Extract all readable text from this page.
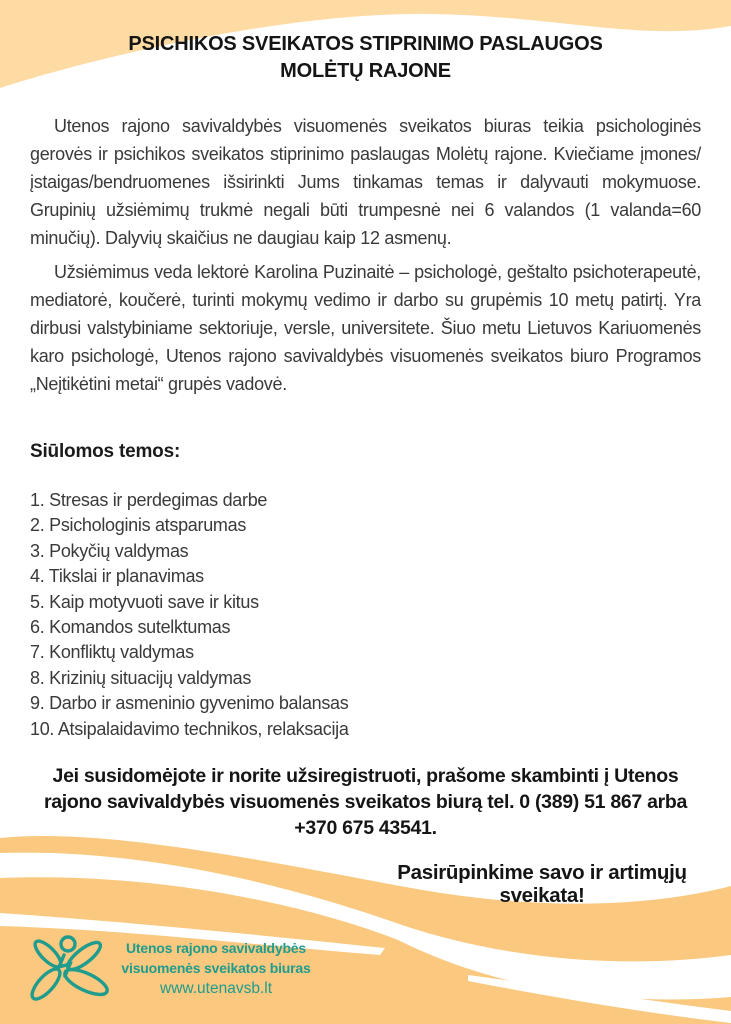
PSICHIKOS SVEIKATOS STIPRINIMO PASLAUGOS
MOLĖTŲ RAJONE
Utenos rajono savivaldybės visuomenės sveikatos biuras teikia psichologinės gerovės ir psichikos sveikatos stiprinimo paslaugas Molėtų rajone. Kviečiame įmones/įstaigas/bendruomenes išsirinkti Jums tinkamas temas ir dalyvauti mokymuose. Grupinių užsiėmimų trukmė negali būti trumpesnė nei 6 valandos (1 valanda=60 minučių). Dalyvių skaičius ne daugiau kaip 12 asmenų.
Užsiėmimus veda lektorė Karolina Puzinaitė – psichologė, geštalto psichoterapeutė, mediatorė, koučerė, turinti mokymų vedimo ir darbo su grupėmis 10 metų patirtį. Yra dirbusi valstybiniame sektoriuje, versle, universitete. Šiuo metu Lietuvos Kariuomenės karo psichologė, Utenos rajono savivaldybės visuomenės sveikatos biuro Programos „Neįtikėtini metai“ grupės vadovė.
Siūlomos temos:
1. Stresas ir perdegimas darbe
2. Psichologinis atsparumas
3. Pokyčių valdymas
4. Tikslai ir planavimas
5. Kaip motyvuoti save ir kitus
6. Komandos sutelktumas
7. Konfliktų valdymas
8. Krizinių situacijų valdymas
9. Darbo ir asmeninio gyvenimo balansas
10. Atsipalaidavimo technikos, relaksacija
Jei susidomėjote ir norite užsiregistruoti, prašome skambinti į Utenos rajono savivaldybės visuomenės sveikatos biurą tel. 0 (389) 51 867 arba +370 675 43541.
Pasirūpinkime savo ir artimųjų
sveikata!
Utenos rajono savivaldybės
visuomenės sveikatos biuras
www.utenavsb.lt
